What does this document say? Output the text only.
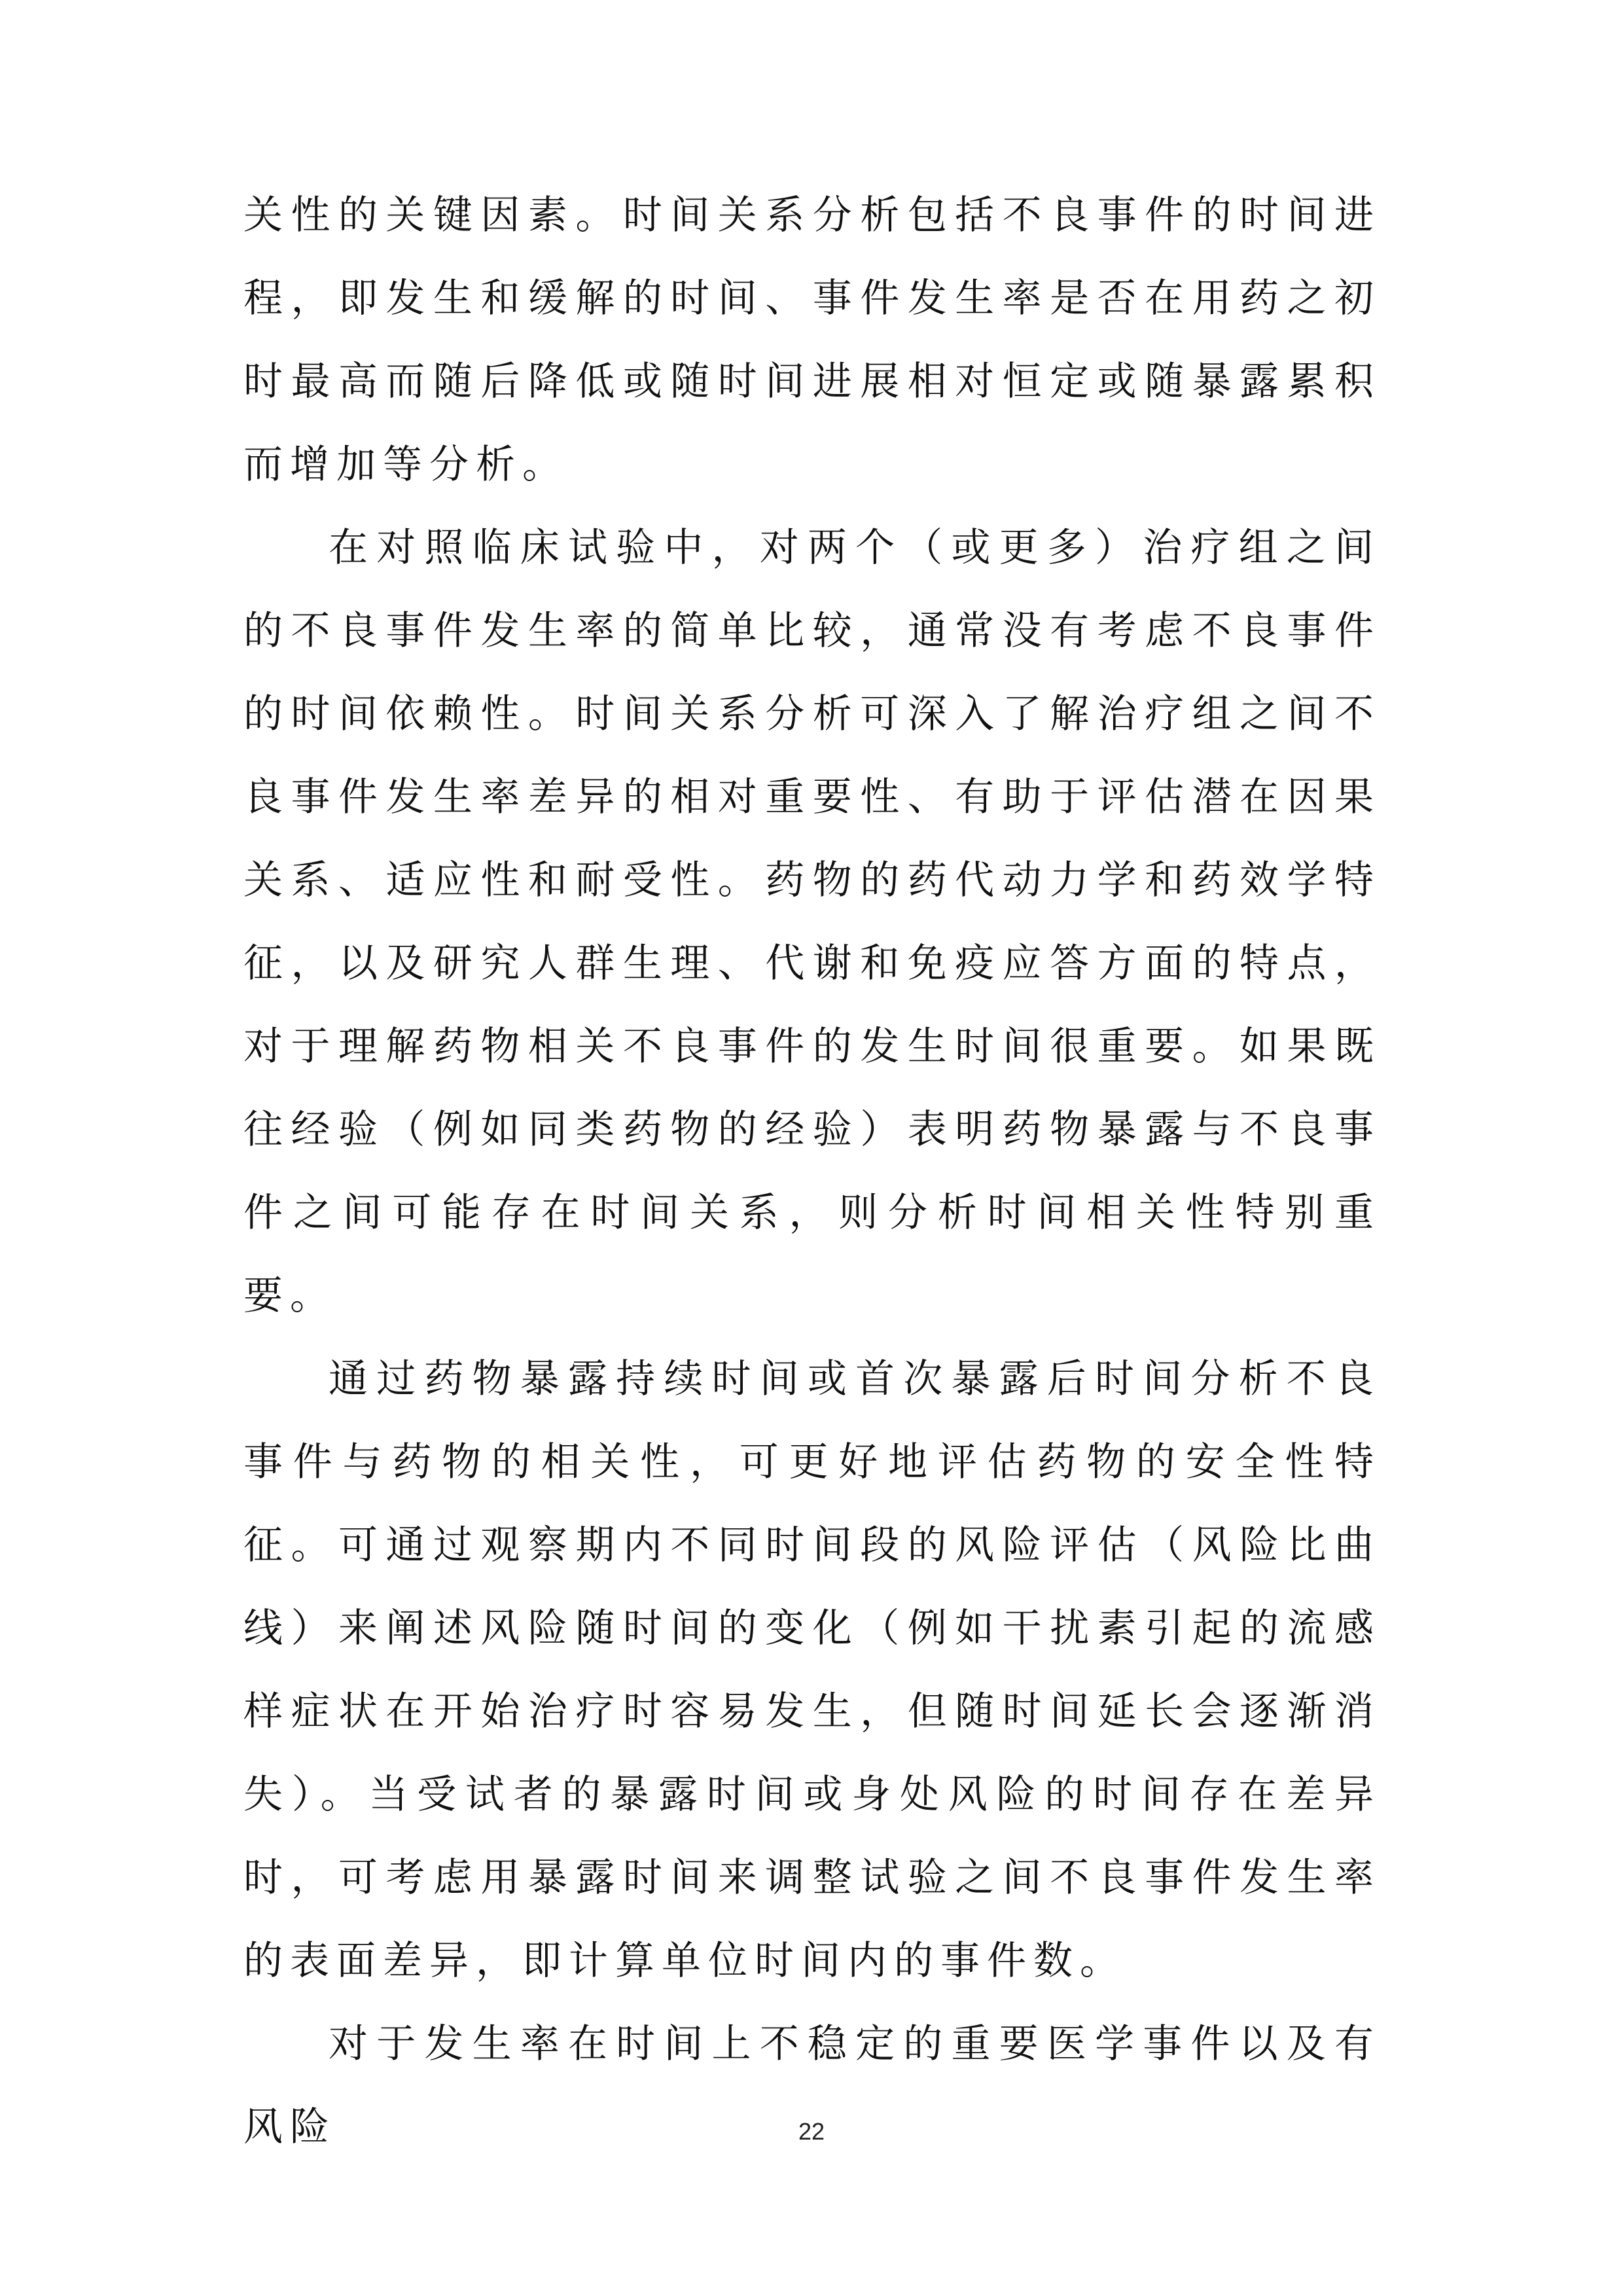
关性的关键因素。时间关系分析包括不良事件的时间进程，即发生和缓解的时间、事件发生率是否在用药之初时最高而随后降低或随时间进展相对恒定或随暴露累积而增加等分析。

在对照临床试验中，对两个（或更多）治疗组之间的不良事件发生率的简单比较，通常没有考虑不良事件的时间依赖性。时间关系分析可深入了解治疗组之间不良事件发生率差异的相对重要性、有助于评估潜在因果关系、适应性和耐受性。药物的药代动力学和药效学特征，以及研究人群生理、代谢和免疫应答方面的特点，对于理解药物相关不良事件的发生时间很重要。如果既往经验（例如同类药物的经验）表明药物暴露与不良事件之间可能存在时间关系，则分析时间相关性特别重要。

通过药物暴露持续时间或首次暴露后时间分析不良事件与药物的相关性，可更好地评估药物的安全性特征。可通过观察期内不同时间段的风险评估（风险比曲线）来阐述风险随时间的变化（例如干扰素引起的流感样症状在开始治疗时容易发生，但随时间延长会逐渐消失）。当受试者的暴露时间或身处风险的时间存在差异时，可考虑用暴露时间来调整试验之间不良事件发生率的表面差异，即计算单位时间内的事件数。

对于发生率在时间上不稳定的重要医学事件以及有风险	22
